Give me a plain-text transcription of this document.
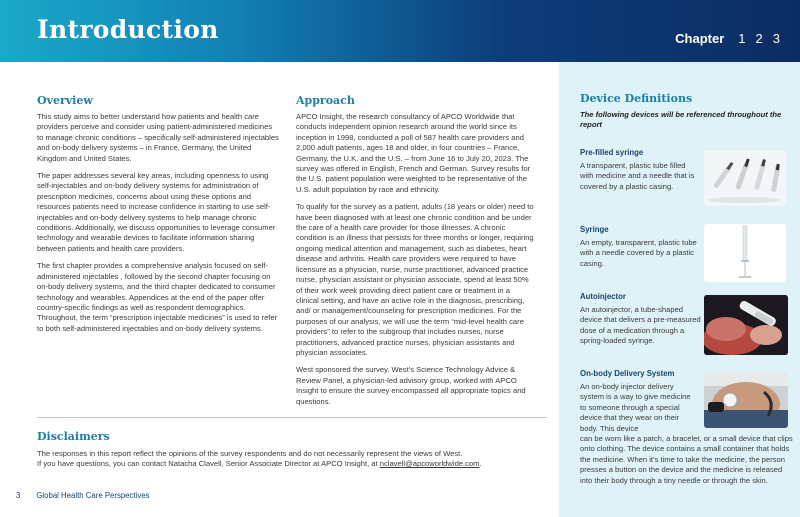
Introduction	Chapter 1 2 3
Overview
This study aims to better understand how patients and health care providers perceive and consider using patient-administered medicines to manage chronic conditions – specifically self-administered injectables and on-body delivery systems – in France, Germany, the United Kingdom and United States.
The paper addresses several key areas, including openness to using self-injectables and on-body delivery systems for administration of prescription medicines, concerns about using these options and resources patients need to increase confidence in starting to use self-injectables and on-body delivery systems to help manage chronic conditions. Additionally, we discuss opportunities to leverage consumer technology and wearable devices to facilitate information sharing between patients and health care providers.
The first chapter provides a comprehensive analysis focused on self-administered injectables , followed by the second chapter focusing on on-body delivery systems, and the third chapter dedicated to consumer technology and wearables. Appendices at the end of the paper offer country-specific findings as well as respondent demographics. Throughout, the term “prescription injectable medicines” is used to refer to both self-administered injectables and on-body delivery systems.
Approach
APCO Insight, the research consultancy of APCO Worldwide that conducts independent opinion research around the world since its inception in 1998, conducted a poll of 587 health care providers and 2,000 adult patients, ages 18 and older, in four countries – France, Germany, the U.K. and the U.S. – from June 16 to July 20, 2023. The survey was offered in English, French and German. Survey results for the U.S. patient population were weighted to be representative of the U.S. adult population by race and ethnicity.
To qualify for the survey as a patient, adults (18 years or older) need to have been diagnosed with at least one chronic condition and be under the care of a health care provider for those illnesses. A chronic condition is an illness that persists for three months or longer, requiring ongoing medical attention and management, such as diabetes, heart disease and arthritis. Health care providers were required to have licensure as a physician, nurse, nurse practitioner, advanced practice nurse, physician assistant or physician associate, spend at least 50% of their work week providing direct patient care or treatment in a clinical setting, and have an active role in the diagnosis, prescribing, and/ or management/counseling for prescription medicines. For the purposes of our analysis, we will use the term “mid-level health care providers” to refer to the subgroup that includes nurses, nurse practitioners, advanced practice nurses, physician assistants and physician associates.
West sponsored the survey. West’s Science Technology Advice & Review Panel, a physician-led advisory group, worked with APCO Insight to ensure the survey encompassed all appropriate topics and questions.
Disclaimers
The responses in this report reflect the opinions of the survey respondents and do not necessarily represent the views of West.
If you have questions, you can contact Natacha Clavell, Senior Associate Director at APCO Insight, at nclavell@apcoworldwide.com.
3 Global Health Care Perspectives
Device Definitions
The following devices will be referenced throughout the report
Pre-filled syringe
A transparent, plastic tube filled with medicine and a needle that is covered by a plastic casing.
Syringe
An empty, transparent, plastic tube with a needle covered by a plastic casing.
Autoinjector
An autoinjector, a tube-shaped device that delivers a pre-measured dose of a medication through a spring-loaded syringe.
On-body Delivery System
An on-body injector delivery system is a way to give medicine to someone through a special device that they wear on their body. This device
can be worn like a patch, a bracelet, or a small device that clips onto clothing. The device contains a small container that holds the medicine. When it’s time to take the medicine, the person presses a button on the device and the medicine is released into their body through a tiny needle or through the skin.
